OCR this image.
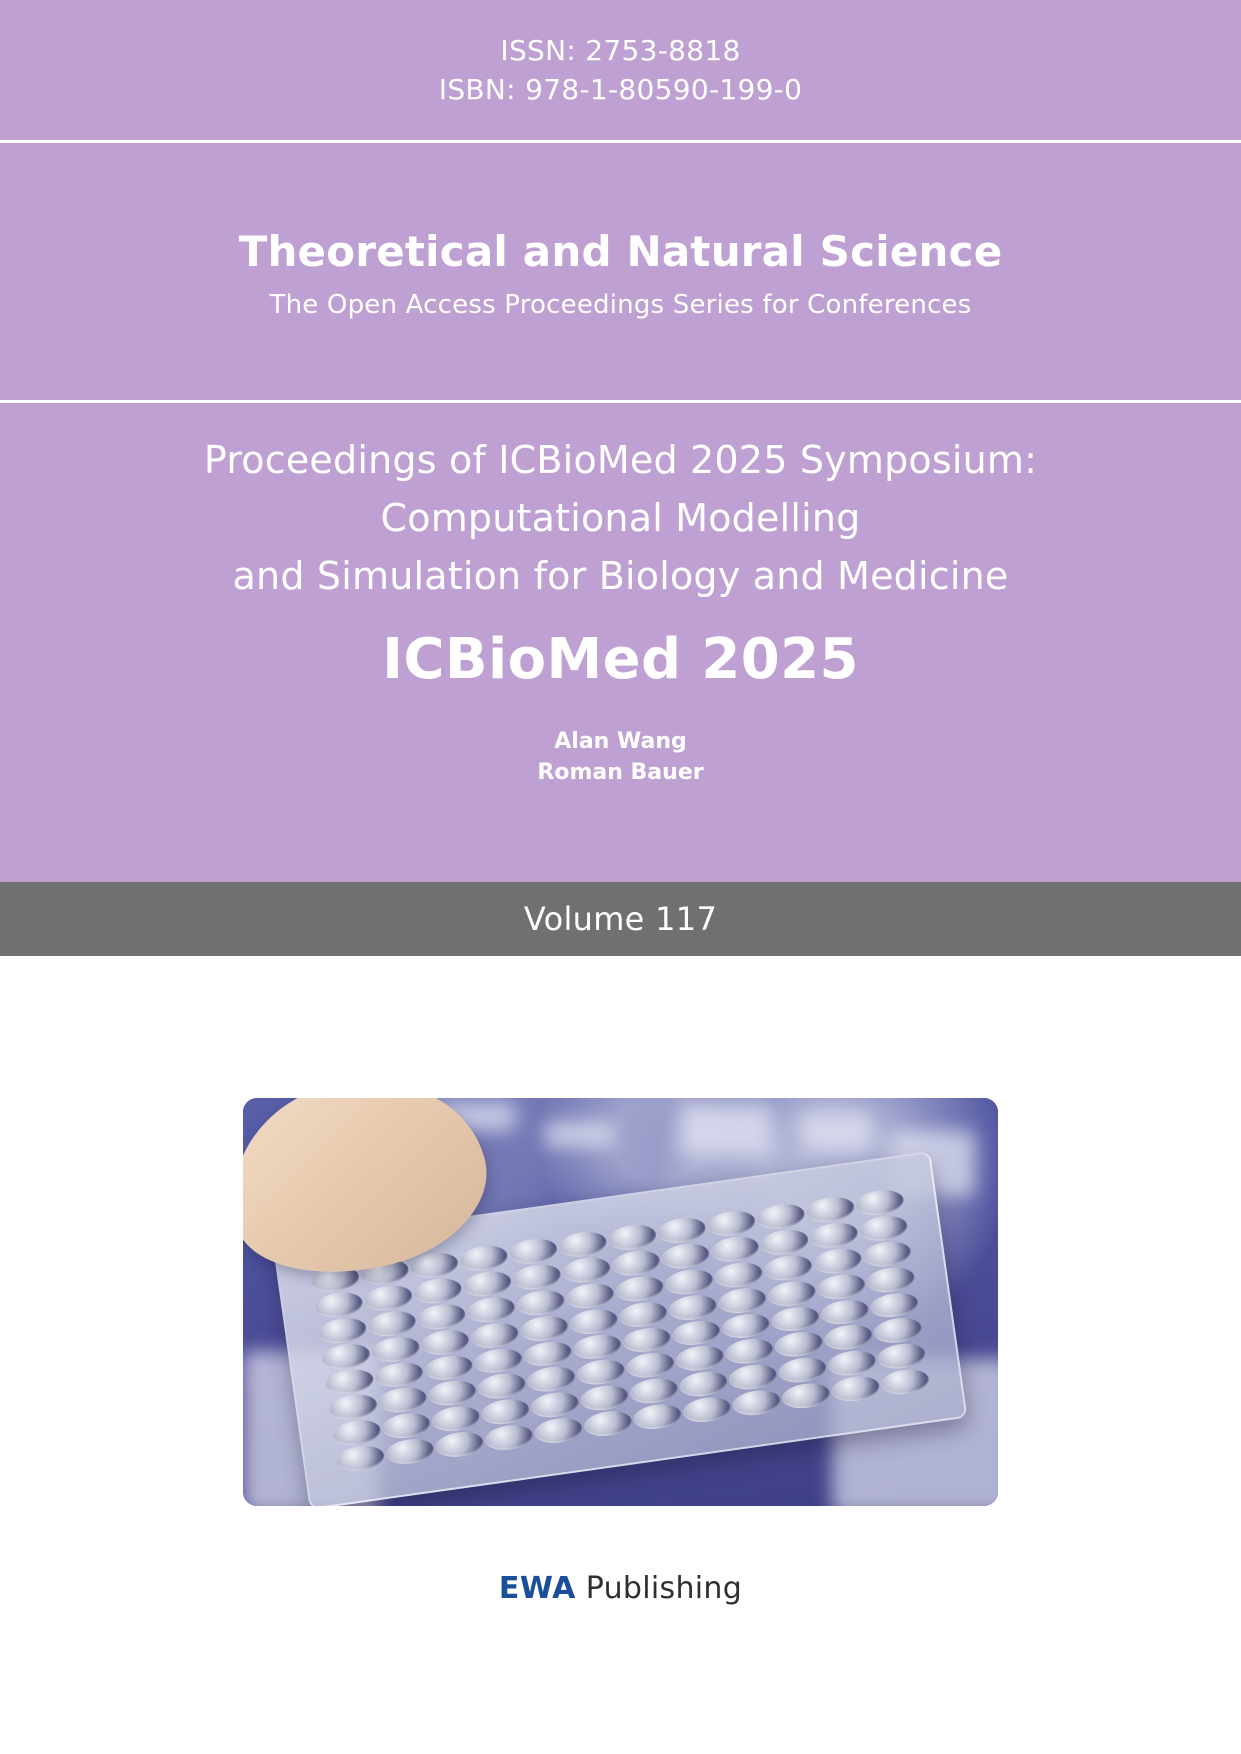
ISSN: 2753-8818
ISBN: 978-1-80590-199-0
Theoretical and Natural Science
The Open Access Proceedings Series for Conferences
Proceedings of ICBioMed 2025 Symposium:
Computational Modelling
and Simulation for Biology and Medicine
ICBioMed 2025
Alan Wang
Roman Bauer
Volume 117
EWA Publishing
